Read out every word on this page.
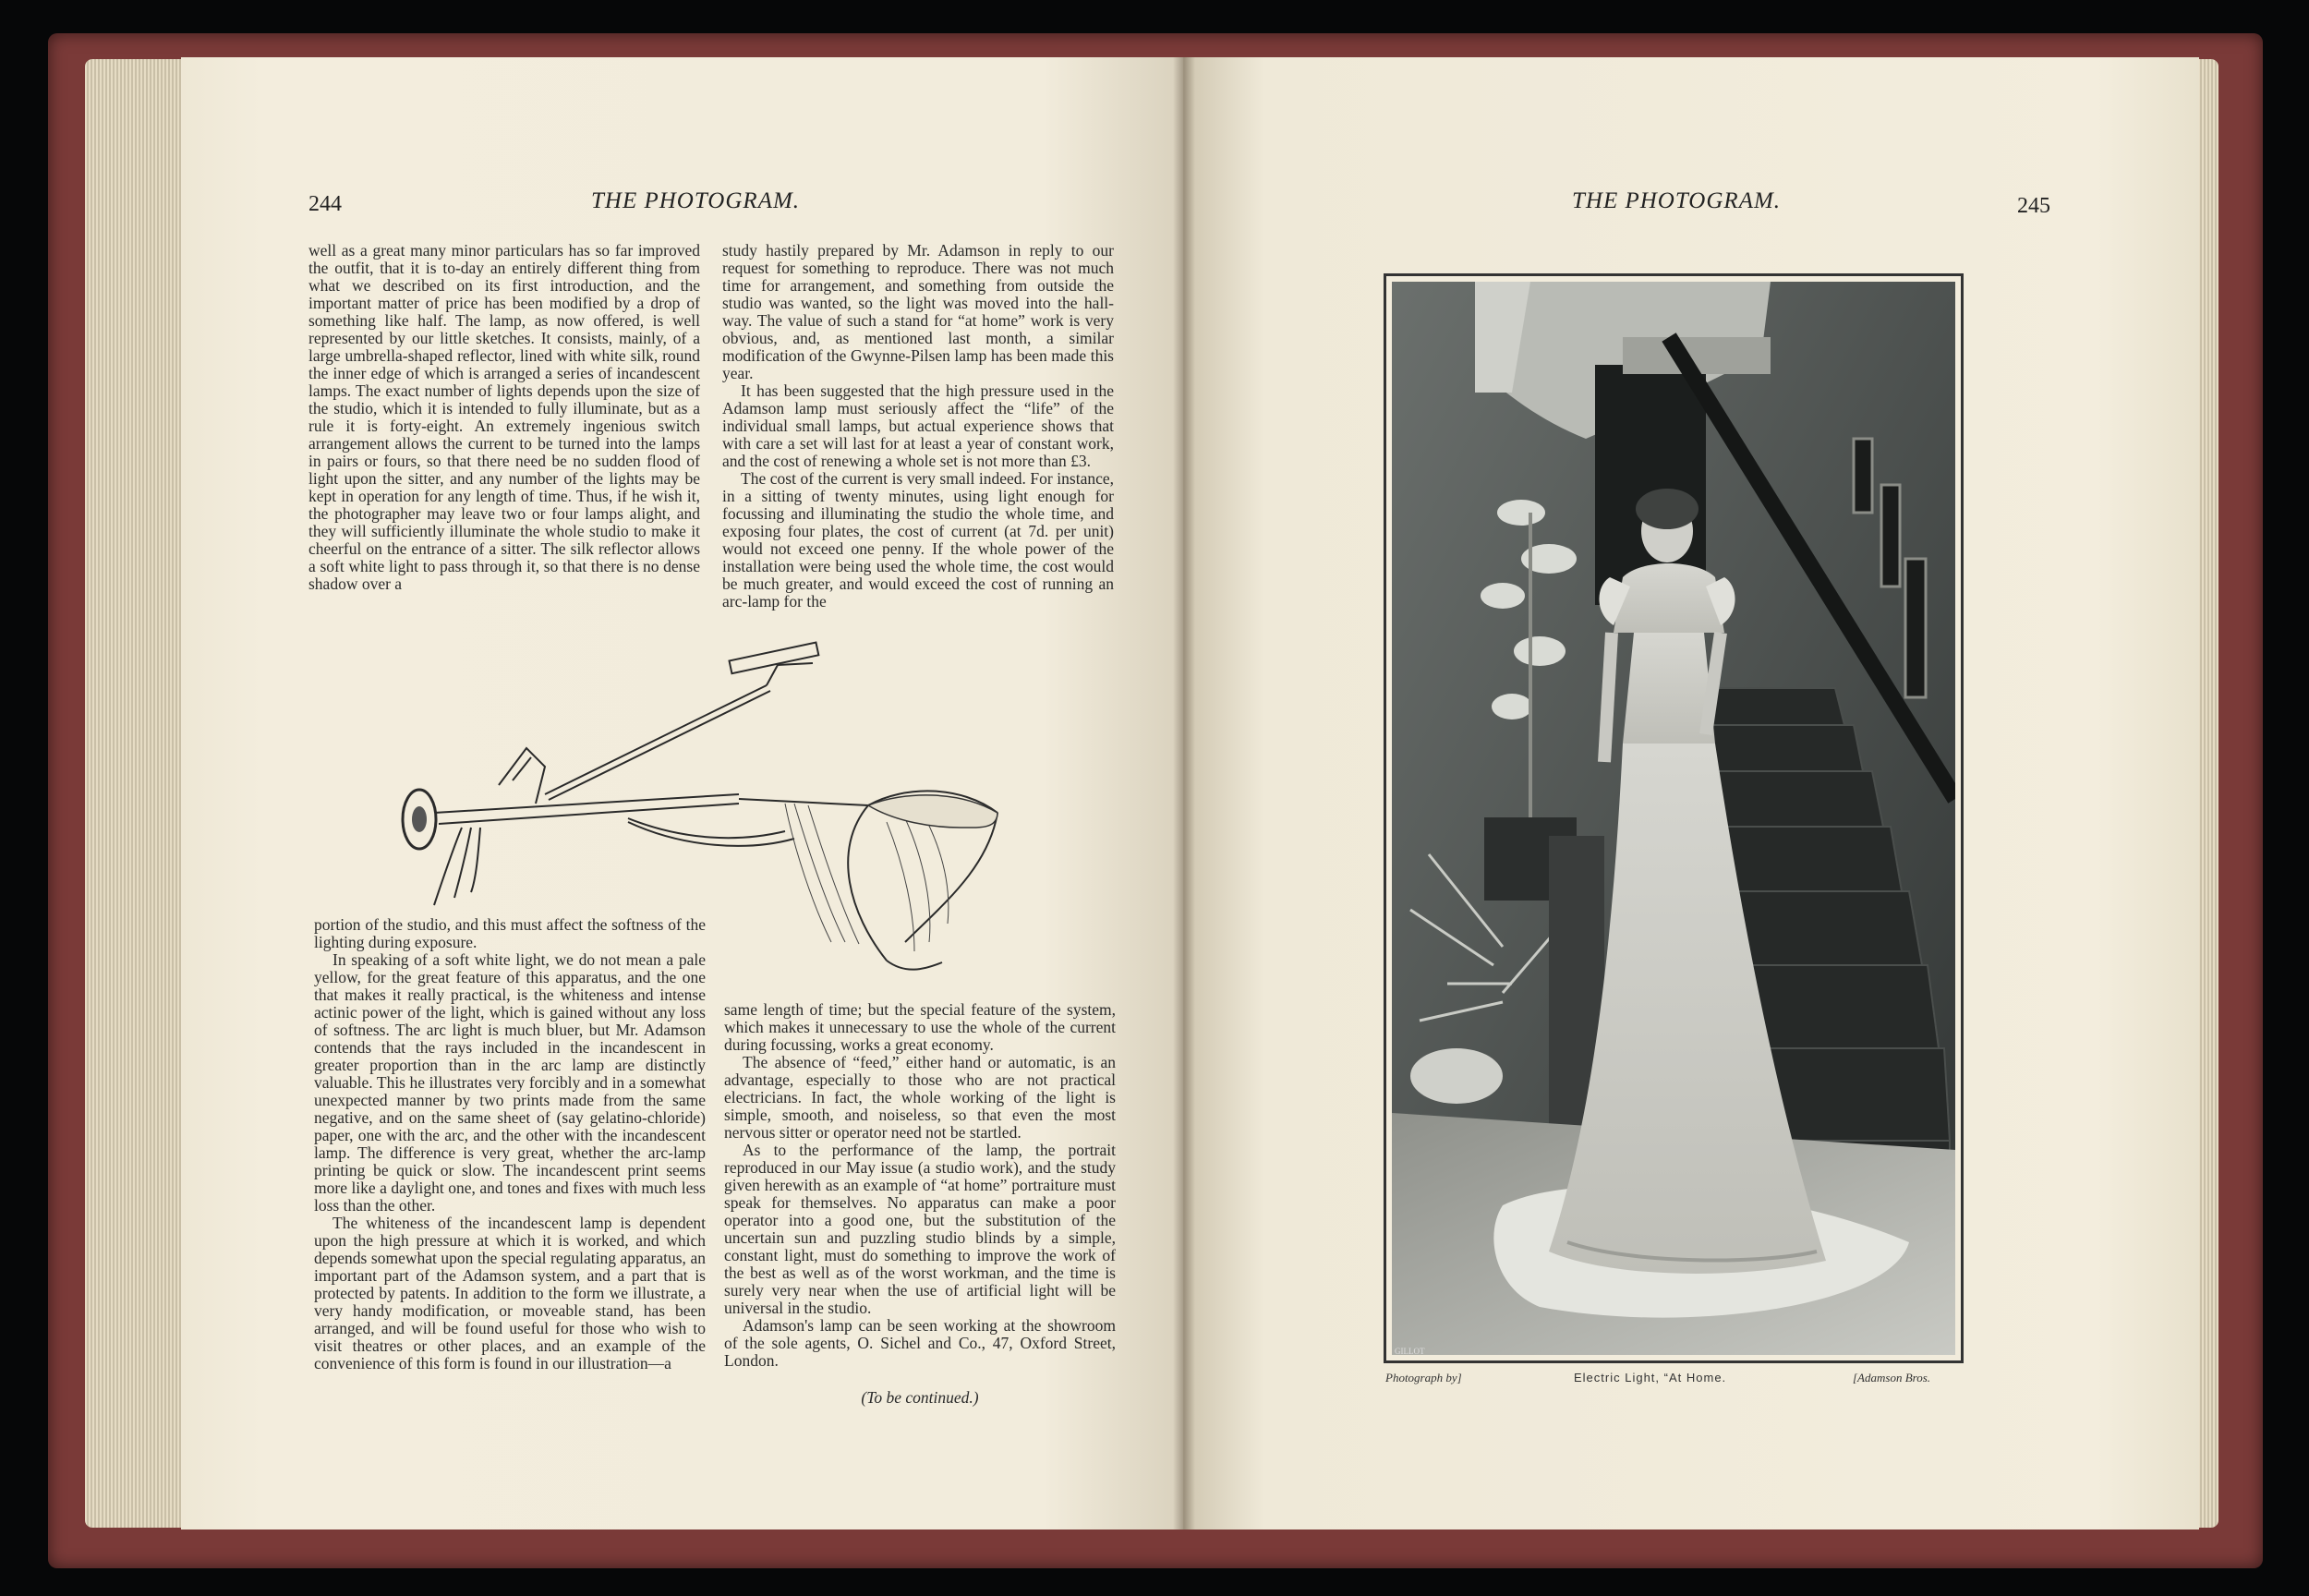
244	THE PHOTOGRAM.

well as a great many minor particulars has so far improved the outfit, that it is to-day an entirely different thing from what we described on its first introduction, and the important matter of price has been modified by a drop of something like half. The lamp, as now offered, is well represented by our little sketches. It consists, mainly, of a large umbrella-shaped reflector, lined with white silk, round the inner edge of which is arranged a series of incandescent lamps. The exact number of lights depends upon the size of the studio, which it is intended to fully illuminate, but as a rule it is forty-eight. An extremely ingenious switch arrangement allows the current to be turned into the lamps in pairs or fours, so that there need be no sudden flood of light upon the sitter, and any number of the lights may be kept in operation for any length of time. Thus, if he wish it, the photographer may leave two or four lamps alight, and they will sufficiently illuminate the whole studio to make it cheerful on the entrance of a sitter. The silk reflector allows a soft white light to pass through it, so that there is no dense shadow over a

portion of the studio, and this must affect the softness of the lighting during exposure.

In speaking of a soft white light, we do not mean a pale yellow, for the great feature of this apparatus, and the one that makes it really practical, is the whiteness and intense actinic power of the light, which is gained without any loss of softness. The arc light is much bluer, but Mr. Adamson contends that the rays included in the incandescent in greater proportion than in the arc lamp are distinctly valuable. This he illustrates very forcibly and in a somewhat unexpected manner by two prints made from the same negative, and on the same sheet of (say gelatino-chloride) paper, one with the arc, and the other with the incandescent lamp. The difference is very great, whether the arc-lamp printing be quick or slow. The incandescent print seems more like a daylight one, and tones and fixes with much less loss than the other.

The whiteness of the incandescent lamp is dependent upon the high pressure at which it is worked, and which depends somewhat upon the special regulating apparatus, an important part of the Adamson system, and a part that is protected by patents. In addition to the form we illustrate, a very handy modification, or moveable stand, has been arranged, and will be found useful for those who wish to visit theatres or other places, and an example of the convenience of this form is found in our illustration—a

study hastily prepared by Mr. Adamson in reply to our request for something to reproduce. There was not much time for arrangement, and something from outside the studio was wanted, so the light was moved into the hall-way. The value of such a stand for “at home” work is very obvious, and, as mentioned last month, a similar modification of the Gwynne-Pilsen lamp has been made this year.

It has been suggested that the high pressure used in the Adamson lamp must seriously affect the “life” of the individual small lamps, but actual experience shows that with care a set will last for at least a year of constant work, and the cost of renewing a whole set is not more than £3.

The cost of the current is very small indeed. For instance, in a sitting of twenty minutes, using light enough for focussing and illuminating the studio the whole time, and exposing four plates, the cost of current (at 7d. per unit) would not exceed one penny. If the whole power of the installation were being used the whole time, the cost would be much greater, and would exceed the cost of running an arc-lamp for the

same length of time; but the special feature of the system, which makes it unnecessary to use the whole of the current during focussing, works a great economy.

The absence of “feed,” either hand or automatic, is an advantage, especially to those who are not practical electricians. In fact, the whole working of the light is simple, smooth, and noiseless, so that even the most nervous sitter or operator need not be startled.

As to the performance of the lamp, the portrait reproduced in our May issue (a studio work), and the study given herewith as an example of “at home” portraiture must speak for themselves. No apparatus can make a poor operator into a good one, but the substitution of the uncertain sun and puzzling studio blinds by a simple, constant light, must do something to improve the work of the best as well as of the worst workman, and the time is surely very near when the use of artificial light will be universal in the studio.

Adamson's lamp can be seen working at the showroom of the sole agents, O. Sichel and Co., 47, Oxford Street, London.

(To be continued.)
THE PHOTOGRAM.	245
GILLOT
Photograph by]	Electric Light, “At Home.	[Adamson Bros.
